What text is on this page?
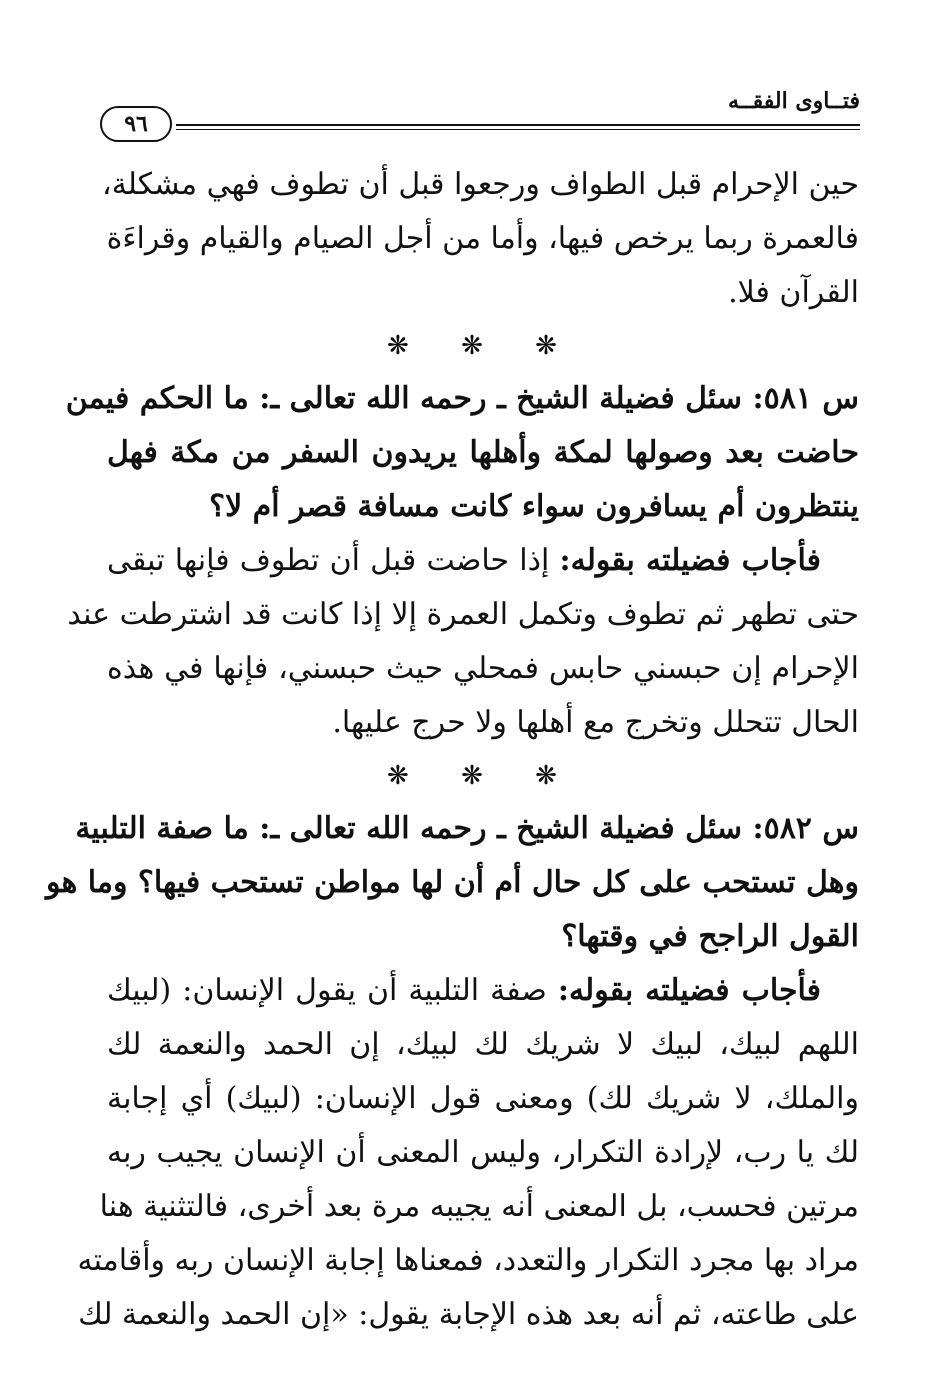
فتــاوى الفقــه
٩٦
حين الإحرام قبل الطواف ورجعوا قبل أن تطوف فهي مشكلة،
فالعمرة ربما يرخص فيها، وأما من أجل الصيام والقيام وقراءَة
القرآن فلا.
❋ ❋ ❋
س ٥٨١: سئل فضيلة الشيخ ـ رحمه الله تعالى ـ: ما الحكم فيمن
حاضت بعد وصولها لمكة وأهلها يريدون السفر من مكة فهل
ينتظرون أم يسافرون سواء كانت مسافة قصر أم لا؟
فأجاب فضيلته بقوله: إذا حاضت قبل أن تطوف فإنها تبقى
حتى تطهر ثم تطوف وتكمل العمرة إلا إذا كانت قد اشترطت عند
الإحرام إن حبسني حابس فمحلي حيث حبسني، فإنها في هذه
الحال تتحلل وتخرج مع أهلها ولا حرج عليها.
❋ ❋ ❋
س ٥٨٢: سئل فضيلة الشيخ ـ رحمه الله تعالى ـ: ما صفة التلبية
وهل تستحب على كل حال أم أن لها مواطن تستحب فيها؟ وما هو
القول الراجح في وقتها؟
فأجاب فضيلته بقوله: صفة التلبية أن يقول الإنسان: (لبيك
اللهم لبيك، لبيك لا شريك لك لبيك، إن الحمد والنعمة لك
والملك، لا شريك لك) ومعنى قول الإنسان: (لبيك) أي إجابة
لك يا رب، لإرادة التكرار، وليس المعنى أن الإنسان يجيب ربه
مرتين فحسب، بل المعنى أنه يجيبه مرة بعد أخرى، فالتثنية هنا
مراد بها مجرد التكرار والتعدد، فمعناها إجابة الإنسان ربه وأقامته
على طاعته، ثم أنه بعد هذه الإجابة يقول: «إن الحمد والنعمة لك
